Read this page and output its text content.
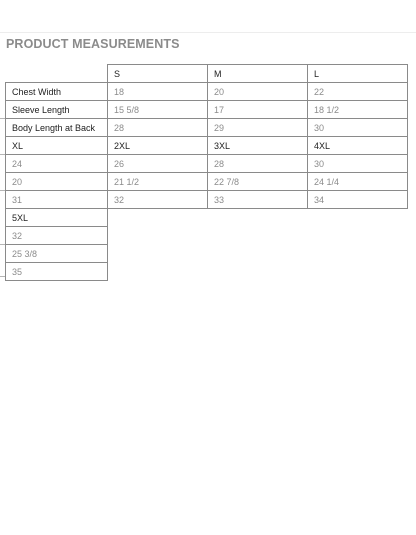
PRODUCT MEASUREMENTS
	S	M	L
Chest Width	18	20	22
Sleeve Length	15 5/8	17	18 1/2
Body Length at Back	28	29	30
XL	2XL	3XL	4XL
24	26	28	30
20	21 1/2	22 7/8	24 1/4
31	32	33	34
5XL
32
25 3/8
35
